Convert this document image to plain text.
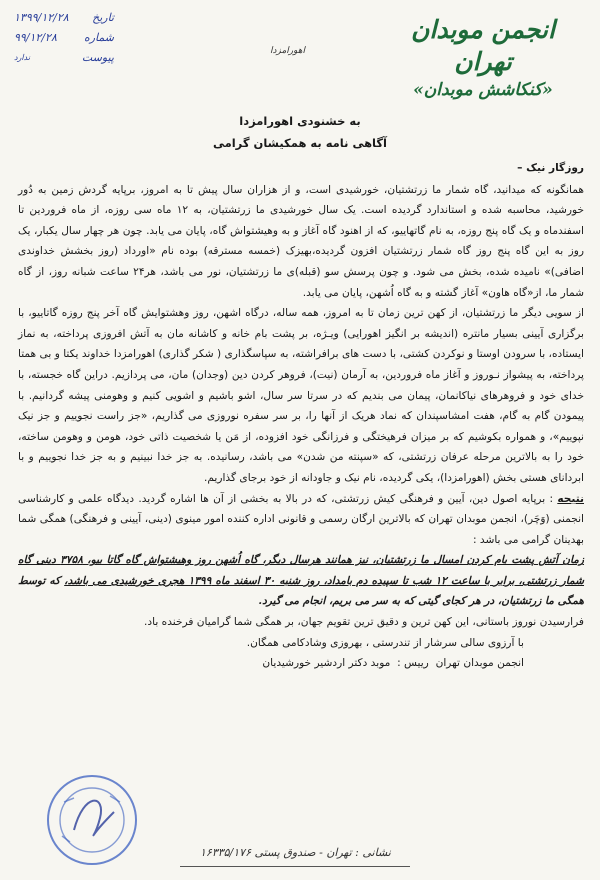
انجمن موبدان تهران
«کنکاشش موبدان»
اهورامزدا
تاریخ
۱۳۹۹/۱۲/۲۸
شماره
۹۹/۱۲/۲۸
پیوست
ندارد
به خشنودی اهورامزدا
آگاهی نامه به همکیشان گرامی

روزگار نیک –

همانگونه که میدانید، گاه شمار ما زرتشتیان، خورشیدی است، و از هزاران سال پیش تا به امروز، برپایه گردش زمین به دُور خورشید، محاسبه شده و استاندارد گردیده است. یک سال خورشیدی ما زرتشتیان، به ۱۲ ماه سی روزه، از ماه فروردین تا اسفندماه و یک گاه پنج روزه، به نام گاتهاییو، که از اهنود گاه آغاز و به وهیشتواش گاه، پایان می یابد. چون هر چهار سال یکبار، یک روز به این گاه پنج روز گاه شمار زرتشتیان افزون گردیده،بهیزک (خمسه مسترقه) بوده نام «اورداد (روز بخشش خداوندی اضافی)» نامیده شده، بخش می شود. و چون پرسش سو (قبله)ی ما زرتشتیان، نور می باشد، هر۲۴ ساعت شبانه روز، از گاه شمار ما، از«گاه هاون» آغاز گشته و به گاه اُشهن، پایان می یابد.

از سویی دیگر ما زرتشتیان، از کهن ترین زمان تا به امروز، همه ساله، درگاه اشهن، روز وهشتوایش گاه آخر پنج روزه گاتاییو، با برگزاری آیینی بسیار مانتره (اندیشه بر انگیز اهورایی) ویـژه، بر پشت بام خانه و کاشانه مان به آتش افروزی پرداخته، به نماز ایستاده، با سرودن اوستا و نوکردن کشتی، با دست های برافراشته، به سپاسگذاری ( شکر گذاری) اهورامزدا خداوند یکتا و بی همتا پرداخته، به پیشواز نـوروز و آغاز ماه فروردین، به آرمان (نیت)، فروهر کردن دین (وجدان) مان، می پردازیم. دراین گاه خجسته، با خدای خود و فروهرهای نیاکانمان، پیمان می بندیم که در سرتا سر سال، اشو باشیم و اشویی کنیم و وهومنی پیشه گردانیم. با پیمودن گام به گام، هفت امشاسپندان که نماد هریک از آنها را، بر سر سفره نوروزی می گذاریم، «جز راست نجوییم و جز نیک نپوییم»، و همواره بکوشیم که بر میزان فرهیختگی و فرزانگی خود افزوده، از مَن یا شخصیت ذاتی خود، هومن و وهومن ساخته، خود را به بالاترین مرحله عرفان زرتشتی، که «سپنته من شدن» می باشد، رسانیده. به جز خدا نبینیم و به جز خدا نجوییم و با ابردانای هستی بخش (اهورامزدا)، یکی گردیده، نام نیک و جاودانه از خود برجای گذاریم.

نتیجه : برپایه اصول دین، آیین و فرهنگی کیش زرتشتی، که در بالا به بخشی از آن ها اشاره گردید. دیدگاه علمی و کارشناسی انجمنی (وَچَر)، انجمن موبدان تهران که بالاترین ارگان رسمی و قانونی اداره کننده امور مینوی (دینی، آیینی و فرهنگی) همگی شما بهدینان گرامی می باشد :

زمان آتش پشت بام کردن امسال ما زرتشتیان، نیز همانند هرسال دیگر، گاه اُشهن روز وهیشتواش گاه گاتا بیو، ۳۷۵۸ دینی گاه شمار زرتشتی، برابر با ساعت ۱۲ شب تا سپیده دم بامداد، روز شنبه ۳۰ اسفند ماه ۱۳۹۹ هجری خورشیدی می باشد، که توسط همگی ما زرتشتیان، در هر کجای گیتی که به سر می بریم، انجام می گیرد.

فرارسیدن نوروز باستانی، این کهن ترین و دقیق ترین تقویم جهان، بر همگی شما گرامیان فرخنده باد.

با آرزوی سالی سرشار از تندرستی ، بهروزی وشادکامی همگان.

انجمن موبدان تهران  رییس :  موبد دکتر اردشیر خورشیدیان

نشانی : تهران - صندوق پستی ۱۶۳۳۵/۱۷۶
